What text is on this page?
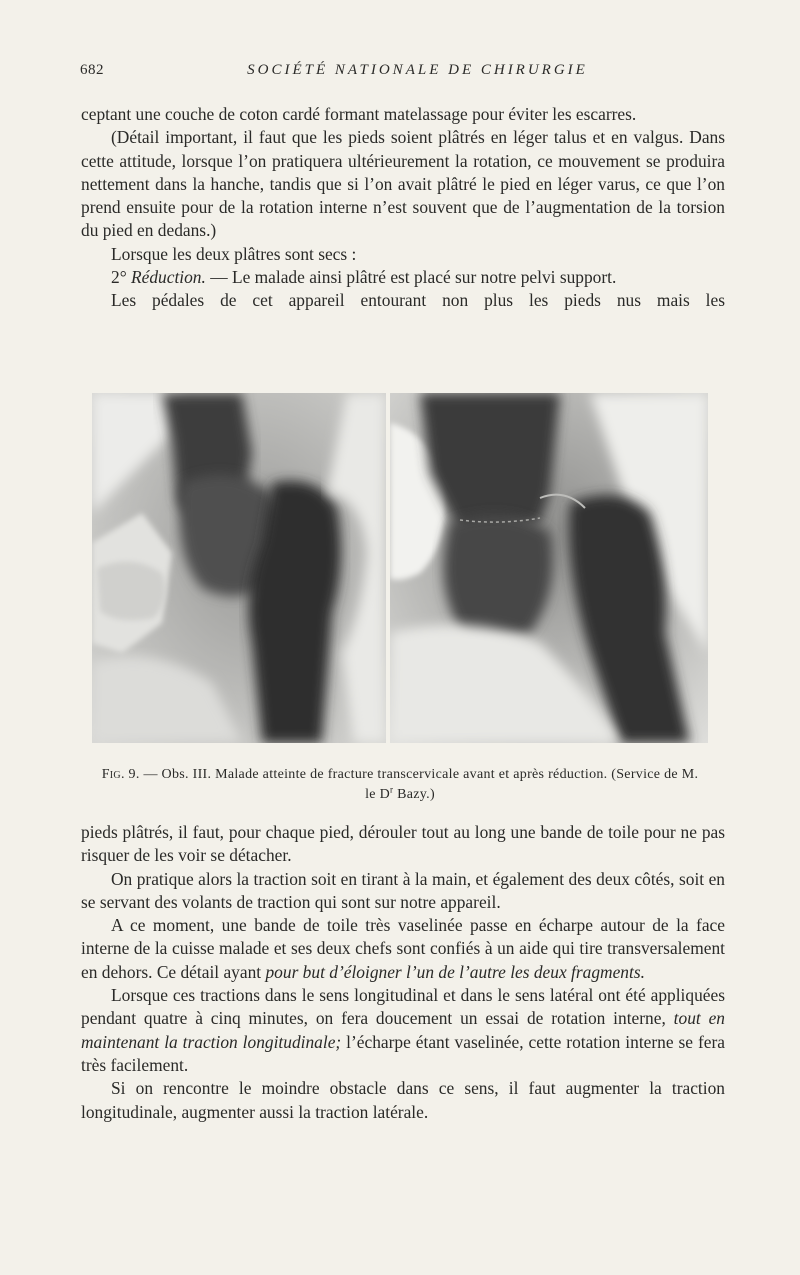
682	SOCIÉTÉ NATIONALE DE CHIRURGIE

ceptant une couche de coton cardé formant matelassage pour éviter les escarres.

(Détail important, il faut que les pieds soient plâtrés en léger talus et en valgus. Dans cette attitude, lorsque l’on pratiquera ultérieurement la rotation, ce mouvement se produira nettement dans la hanche, tandis que si l’on avait plâtré le pied en léger varus, ce que l’on prend ensuite pour de la rotation interne n’est souvent que de l’augmentation de la torsion du pied en dedans.)

Lorsque les deux plâtres sont secs :

2° Réduction. — Le malade ainsi plâtré est placé sur notre pelvi support.

Les pédales de cet appareil entourant non plus les pieds nus mais les

Fig. 9. — Obs. III. Malade atteinte de fracture transcervicale avant et après réduction. (Service de M. le $D^r$ Bazy.)

pieds plâtrés, il faut, pour chaque pied, dérouler tout au long une bande de toile pour ne pas risquer de les voir se détacher.

On pratique alors la traction soit en tirant à la main, et également des deux côtés, soit en se servant des volants de traction qui sont sur notre appareil.

A ce moment, une bande de toile très vaselinée passe en écharpe autour de la face interne de la cuisse malade et ses deux chefs sont confiés à un aide qui tire transversalement en dehors. Ce détail ayant pour but d’éloigner l’un de l’autre les deux fragments.

Lorsque ces tractions dans le sens longitudinal et dans le sens latéral ont été appliquées pendant quatre à cinq minutes, on fera doucement un essai de rotation interne, tout en maintenant la traction longitudinale; l’écharpe étant vaselinée, cette rotation interne se fera très facilement.

Si on rencontre le moindre obstacle dans ce sens, il faut augmenter la traction longitudinale, augmenter aussi la traction latérale.
